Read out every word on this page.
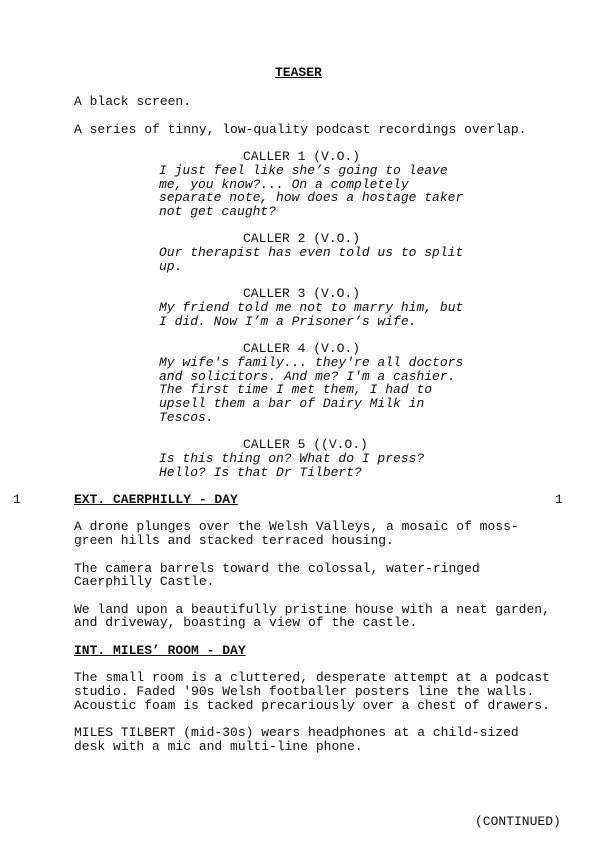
TEASER
A black screen.
A series of tinny, low-quality podcast recordings overlap.
CALLER 1 (V.O.)
I just feel like she’s going to leave
me, you know?... On a completely
separate note, how does a hostage taker
not get caught?
CALLER 2 (V.O.)
Our therapist has even told us to split
up.
CALLER 3 (V.O.)
My friend told me not to marry him, but
I did. Now I’m a Prisoner’s wife.
CALLER 4 (V.O.)
My wife's family... they're all doctors
and solicitors. And me? I'm a cashier.
The first time I met them, I had to
upsell them a bar of Dairy Milk in
Tescos.
CALLER 5 ((V.O.)
Is this thing on? What do I press?
Hello? Is that Dr Tilbert?
1	EXT. CAERPHILLY - DAY	1
A drone plunges over the Welsh Valleys, a mosaic of moss-
green hills and stacked terraced housing.
The camera barrels toward the colossal, water-ringed
Caerphilly Castle.
We land upon a beautifully pristine house with a neat garden,
and driveway, boasting a view of the castle.
INT. MILES’ ROOM - DAY
The small room is a cluttered, desperate attempt at a podcast
studio. Faded '90s Welsh footballer posters line the walls.
Acoustic foam is tacked precariously over a chest of drawers.
MILES TILBERT (mid-30s) wears headphones at a child-sized
desk with a mic and multi-line phone.
(CONTINUED)
